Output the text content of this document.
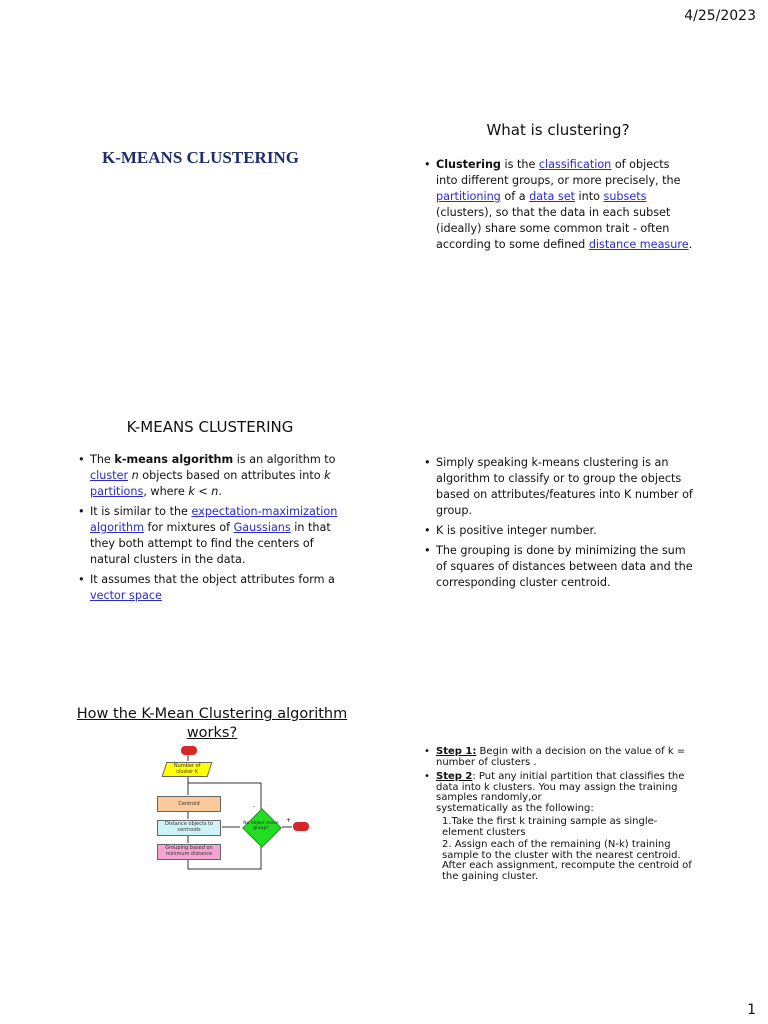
4/25/2023
1
K-MEANS CLUSTERING
What is clustering?
• Clustering is the classification of objects into different groups, or more precisely, the partitioning of a data set into subsets (clusters), so that the data in each subset (ideally) share some common trait - often according to some defined distance measure.
K-MEANS CLUSTERING
• The k-means algorithm is an algorithm to cluster n objects based on attributes into k partitions, where k < n.
• It is similar to the expectation-maximization algorithm for mixtures of Gaussians in that they both attempt to find the centers of natural clusters in the data.
• It assumes that the object attributes form a vector space
• Simply speaking k-means clustering is an algorithm to classify or to group the objects based on attributes/features into K number of group.
• K is positive integer number.
• The grouping is done by minimizing the sum of squares of distances between data and the corresponding cluster centroid.
How the K-Mean Clustering algorithm works?
Start
Number of cluster K
Centroid
Distance objects to centroids
Grouping based on minimum distance
No object move group?	End
+
-
• Step 1: Begin with a decision on the value of k = number of clusters .
• Step 2: Put any initial partition that classifies the data into k clusters. You may assign the training samples randomly,or
systematically as the following:
1.Take the first k training sample as single-element clusters
2. Assign each of the remaining (N-k) training sample to the cluster with the nearest centroid. After each assignment, recompute the centroid of the gaining cluster.
